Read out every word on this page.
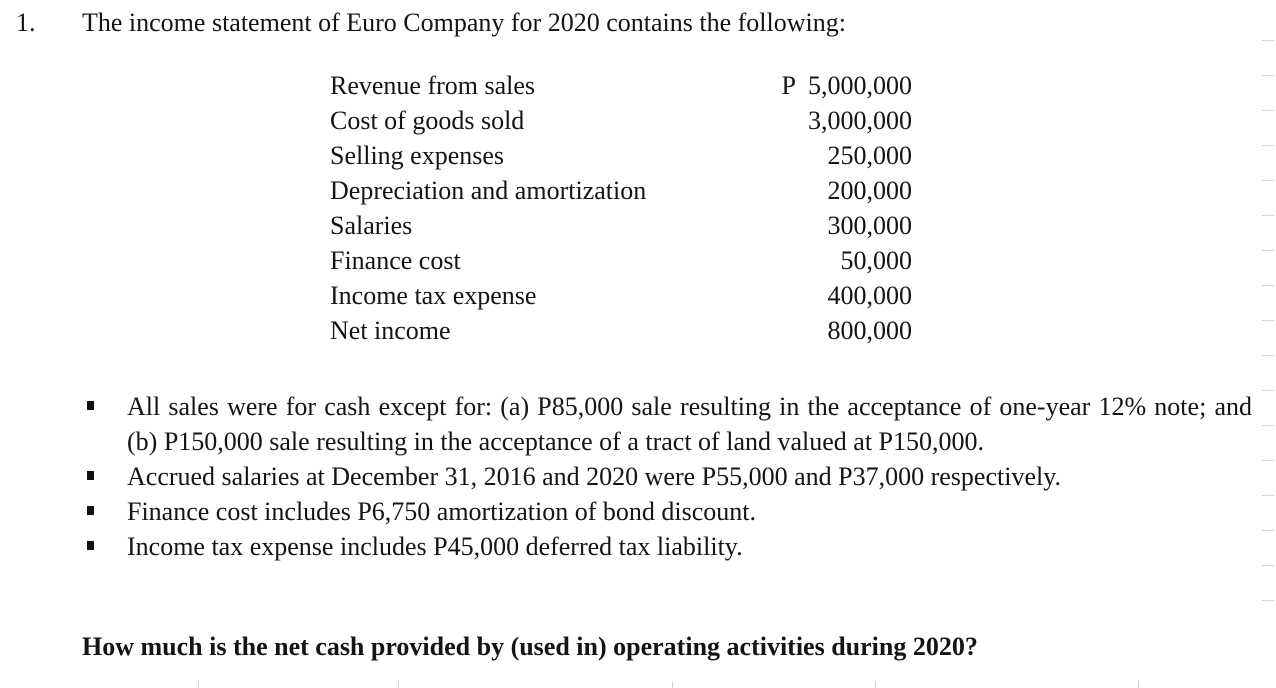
1. The income statement of Euro Company for 2020 contains the following:
Revenue from sales	P  5,000,000
Cost of goods sold	3,000,000
Selling expenses	250,000
Depreciation and amortization	200,000
Salaries	300,000
Finance cost	50,000
Income tax expense	400,000
Net income	800,000
All sales were for cash except for: (a) P85,000 sale resulting in the acceptance of one-year 12% note; and (b) P150,000 sale resulting in the acceptance of a tract of land valued at P150,000.
Accrued salaries at December 31, 2016 and 2020 were P55,000 and P37,000 respectively.
Finance cost includes P6,750 amortization of bond discount.
Income tax expense includes P45,000 deferred tax liability.
How much is the net cash provided by (used in) operating activities during 2020?
